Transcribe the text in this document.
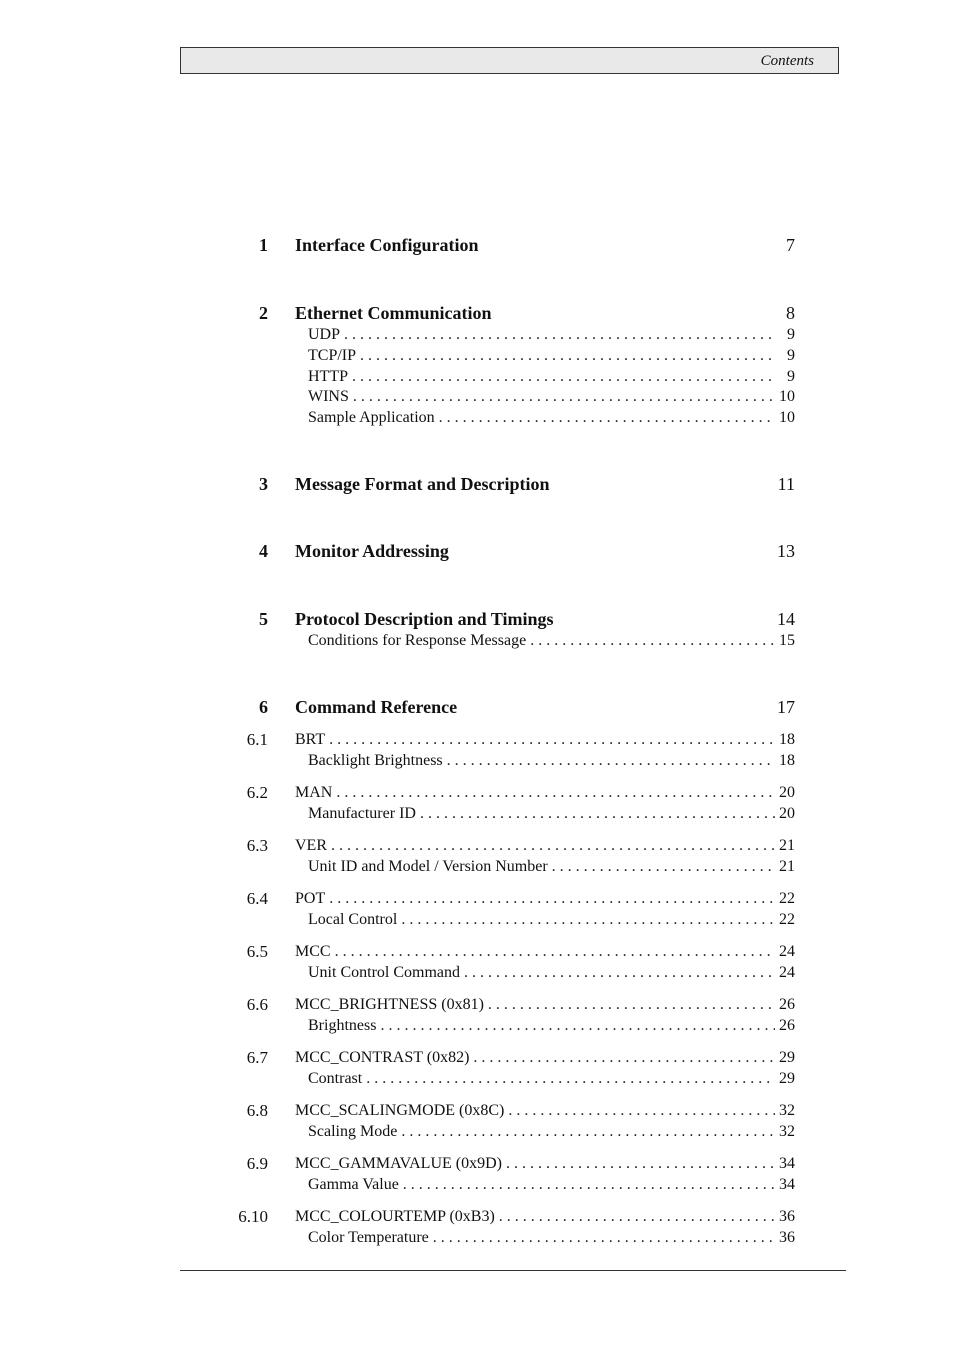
Contents
1 Interface Configuration	7
2 Ethernet Communication	8
UDP . . .	9
TCP/IP . . .	9
HTTP . . .	9
WINS . . .	10
Sample Application . . .	10
3 Message Format and Description	11
4 Monitor Addressing	13
5 Protocol Description and Timings	14
Conditions for Response Message . . .	15
6 Command Reference	17
6.1 BRT . . .	18
Backlight Brightness . . .	18
6.2 MAN . . .	20
Manufacturer ID . . .	20
6.3 VER . . .	21
Unit ID and Model / Version Number . . .	21
6.4 POT . . .	22
Local Control . . .	22
6.5 MCC . . .	24
Unit Control Command . . .	24
6.6 MCC_BRIGHTNESS (0x81) . . .	26
Brightness . . .	26
6.7 MCC_CONTRAST (0x82) . . .	29
Contrast . . .	29
6.8 MCC_SCALINGMODE (0x8C) . . .	32
Scaling Mode . . .	32
6.9 MCC_GAMMAVALUE (0x9D) . . .	34
Gamma Value . . .	34
6.10 MCC_COLOURTEMP (0xB3) . . .	36
Color Temperature . . .	36
